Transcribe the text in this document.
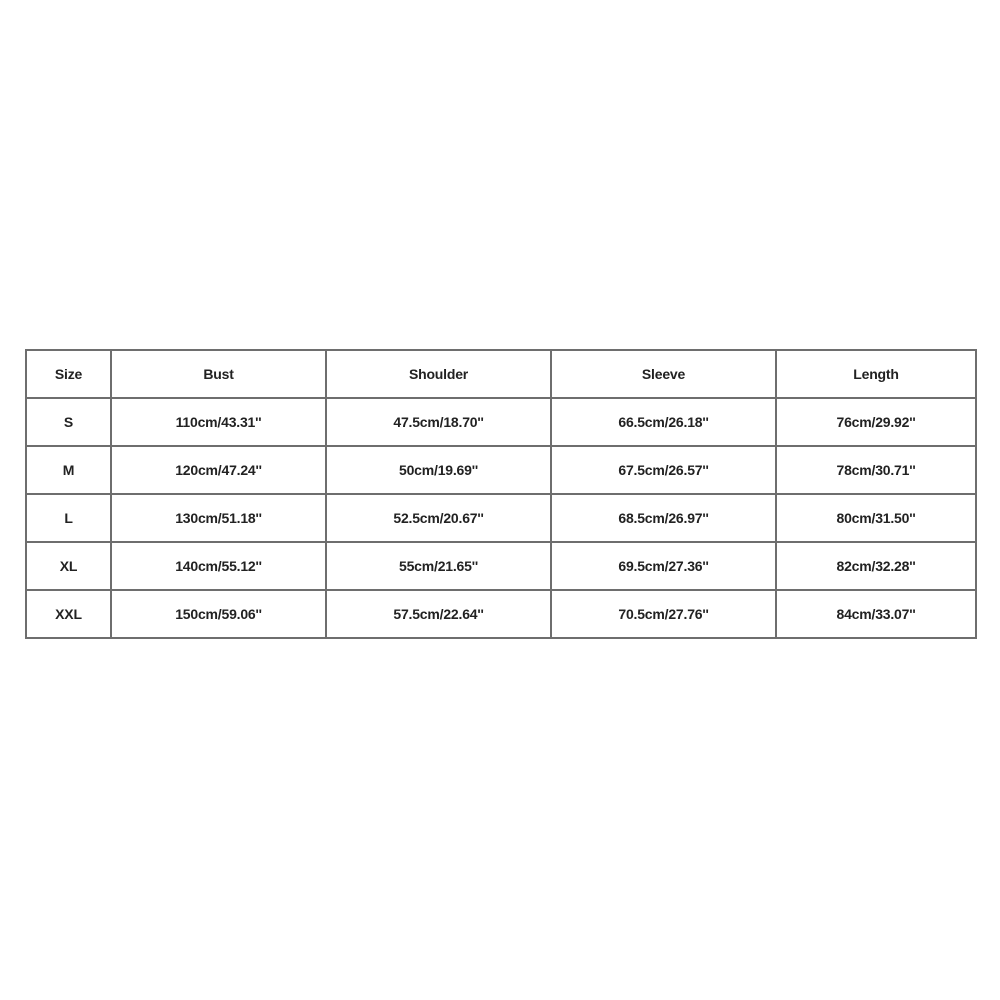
Size	Bust	Shoulder	Sleeve	Length
S	110cm/43.31''	47.5cm/18.70''	66.5cm/26.18''	76cm/29.92''
M	120cm/47.24''	50cm/19.69''	67.5cm/26.57''	78cm/30.71''
L	130cm/51.18''	52.5cm/20.67''	68.5cm/26.97''	80cm/31.50''
XL	140cm/55.12''	55cm/21.65''	69.5cm/27.36''	82cm/32.28''
XXL	150cm/59.06''	57.5cm/22.64''	70.5cm/27.76''	84cm/33.07''
